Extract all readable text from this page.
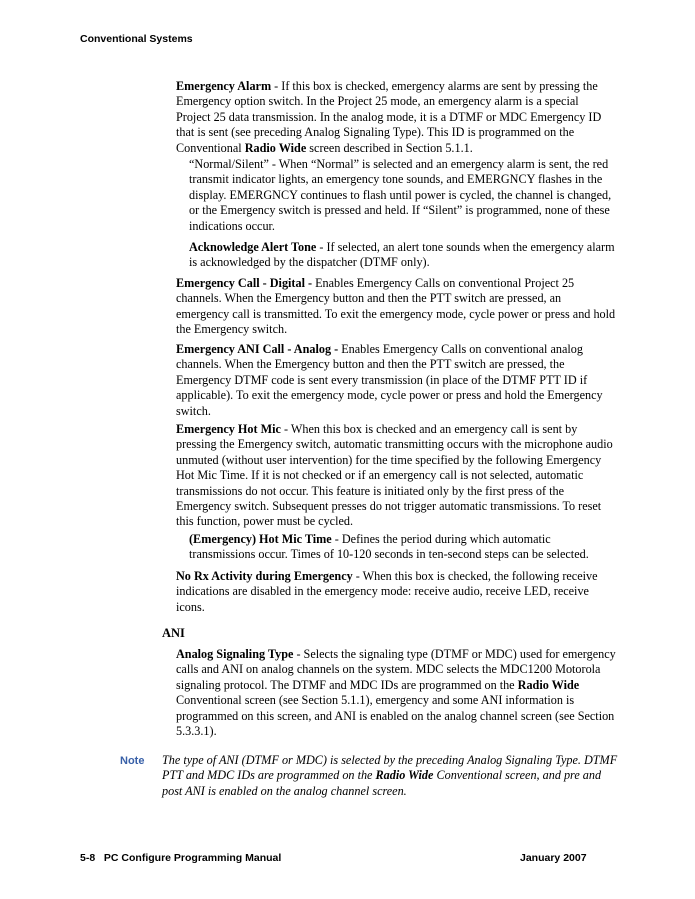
Conventional Systems
Emergency Alarm - If this box is checked, emergency alarms are sent by pressing the Emergency option switch. In the Project 25 mode, an emergency alarm is a special Project 25 data transmission. In the analog mode, it is a DTMF or MDC Emergency ID that is sent (see preceding Analog Signaling Type). This ID is programmed on the Conventional Radio Wide screen described in Section 5.1.1.
“Normal/Silent” - When “Normal” is selected and an emergency alarm is sent, the red transmit indicator lights, an emergency tone sounds, and EMERGNCY flashes in the display. EMERGNCY continues to flash until power is cycled, the channel is changed, or the Emergency switch is pressed and held. If “Silent” is programmed, none of these indications occur.
Acknowledge Alert Tone - If selected, an alert tone sounds when the emergency alarm is acknowledged by the dispatcher (DTMF only).
Emergency Call - Digital - Enables Emergency Calls on conventional Project 25 channels. When the Emergency button and then the PTT switch are pressed, an emergency call is transmitted. To exit the emergency mode, cycle power or press and hold the Emergency switch.
Emergency ANI Call - Analog - Enables Emergency Calls on conventional analog channels. When the Emergency button and then the PTT switch are pressed, the Emergency DTMF code is sent every transmission (in place of the DTMF PTT ID if applicable). To exit the emergency mode, cycle power or press and hold the Emergency switch.
Emergency Hot Mic - When this box is checked and an emergency call is sent by pressing the Emergency switch, automatic transmitting occurs with the microphone audio unmuted (without user intervention) for the time specified by the following Emergency Hot Mic Time. If it is not checked or if an emergency call is not selected, automatic transmissions do not occur. This feature is initiated only by the first press of the Emergency switch. Subsequent presses do not trigger automatic transmissions. To reset this function, power must be cycled.
(Emergency) Hot Mic Time - Defines the period during which automatic transmissions occur. Times of 10-120 seconds in ten-second steps can be selected.
No Rx Activity during Emergency - When this box is checked, the following receive indications are disabled in the emergency mode: receive audio, receive LED, receive icons.
ANI
Analog Signaling Type - Selects the signaling type (DTMF or MDC) used for emergency calls and ANI on analog channels on the system. MDC selects the MDC1200 Motorola signaling protocol. The DTMF and MDC IDs are programmed on the Radio Wide Conventional screen (see Section 5.1.1), emergency and some ANI information is programmed on this screen, and ANI is enabled on the analog channel screen (see Section 5.3.3.1).
Note The type of ANI (DTMF or MDC) is selected by the preceding Analog Signaling Type. DTMF PTT and MDC IDs are programmed on the Radio Wide Conventional screen, and pre and post ANI is enabled on the analog channel screen.
5-8   PC Configure Programming Manual	January 2007
